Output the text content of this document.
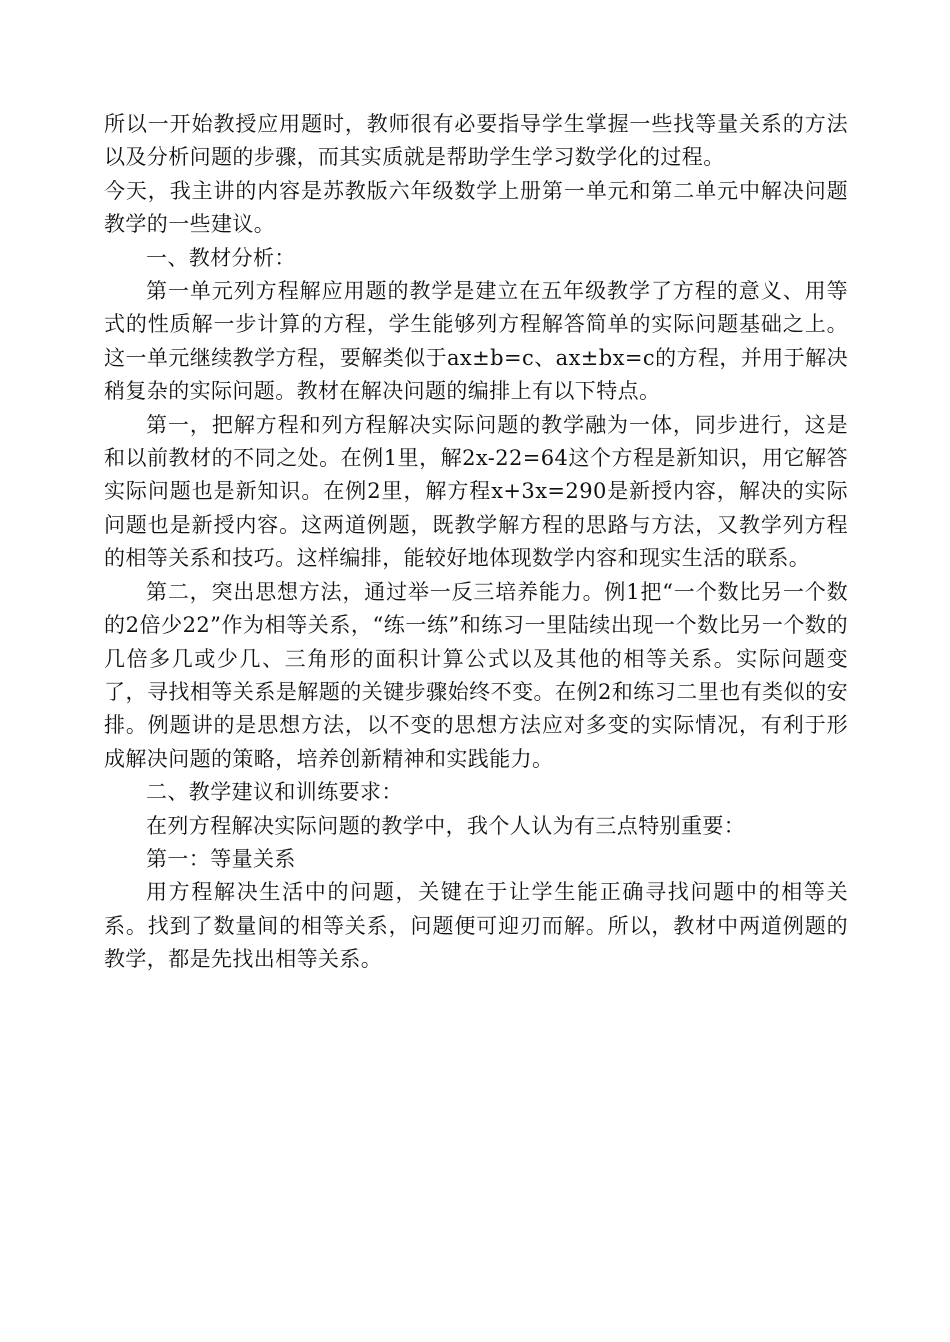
所以一开始教授应用题时，教师很有必要指导学生掌握一些找等量关系的方法以及分析问题的步骤，而其实质就是帮助学生学习数学化的过程。

今天，我主讲的内容是苏教版六年级数学上册第一单元和第二单元中解决问题教学的一些建议。

一、教材分析：

第一单元列方程解应用题的教学是建立在五年级教学了方程的意义、用等式的性质解一步计算的方程，学生能够列方程解答简单的实际问题基础之上。这一单元继续教学方程，要解类似于ax±b=c、ax±bx=c的方程，并用于解决稍复杂的实际问题。教材在解决问题的编排上有以下特点。

第一，把解方程和列方程解决实际问题的教学融为一体，同步进行，这是和以前教材的不同之处。在例1里，解2x-22=64这个方程是新知识，用它解答实际问题也是新知识。在例2里，解方程x+3x=290是新授内容，解决的实际问题也是新授内容。这两道例题，既教学解方程的思路与方法，又教学列方程的相等关系和技巧。这样编排，能较好地体现数学内容和现实生活的联系。

第二，突出思想方法，通过举一反三培养能力。例1把“一个数比另一个数的2倍少22”作为相等关系，“练一练”和练习一里陆续出现一个数比另一个数的几倍多几或少几、三角形的面积计算公式以及其他的相等关系。实际问题变了，寻找相等关系是解题的关键步骤始终不变。在例2和练习二里也有类似的安排。例题讲的是思想方法，以不变的思想方法应对多变的实际情况，有利于形成解决问题的策略，培养创新精神和实践能力。

二、教学建议和训练要求：

在列方程解决实际问题的教学中，我个人认为有三点特别重要：

第一：等量关系

用方程解决生活中的问题，关键在于让学生能正确寻找问题中的相等关系。找到了数量间的相等关系，问题便可迎刃而解。所以，教材中两道例题的教学，都是先找出相等关系。
